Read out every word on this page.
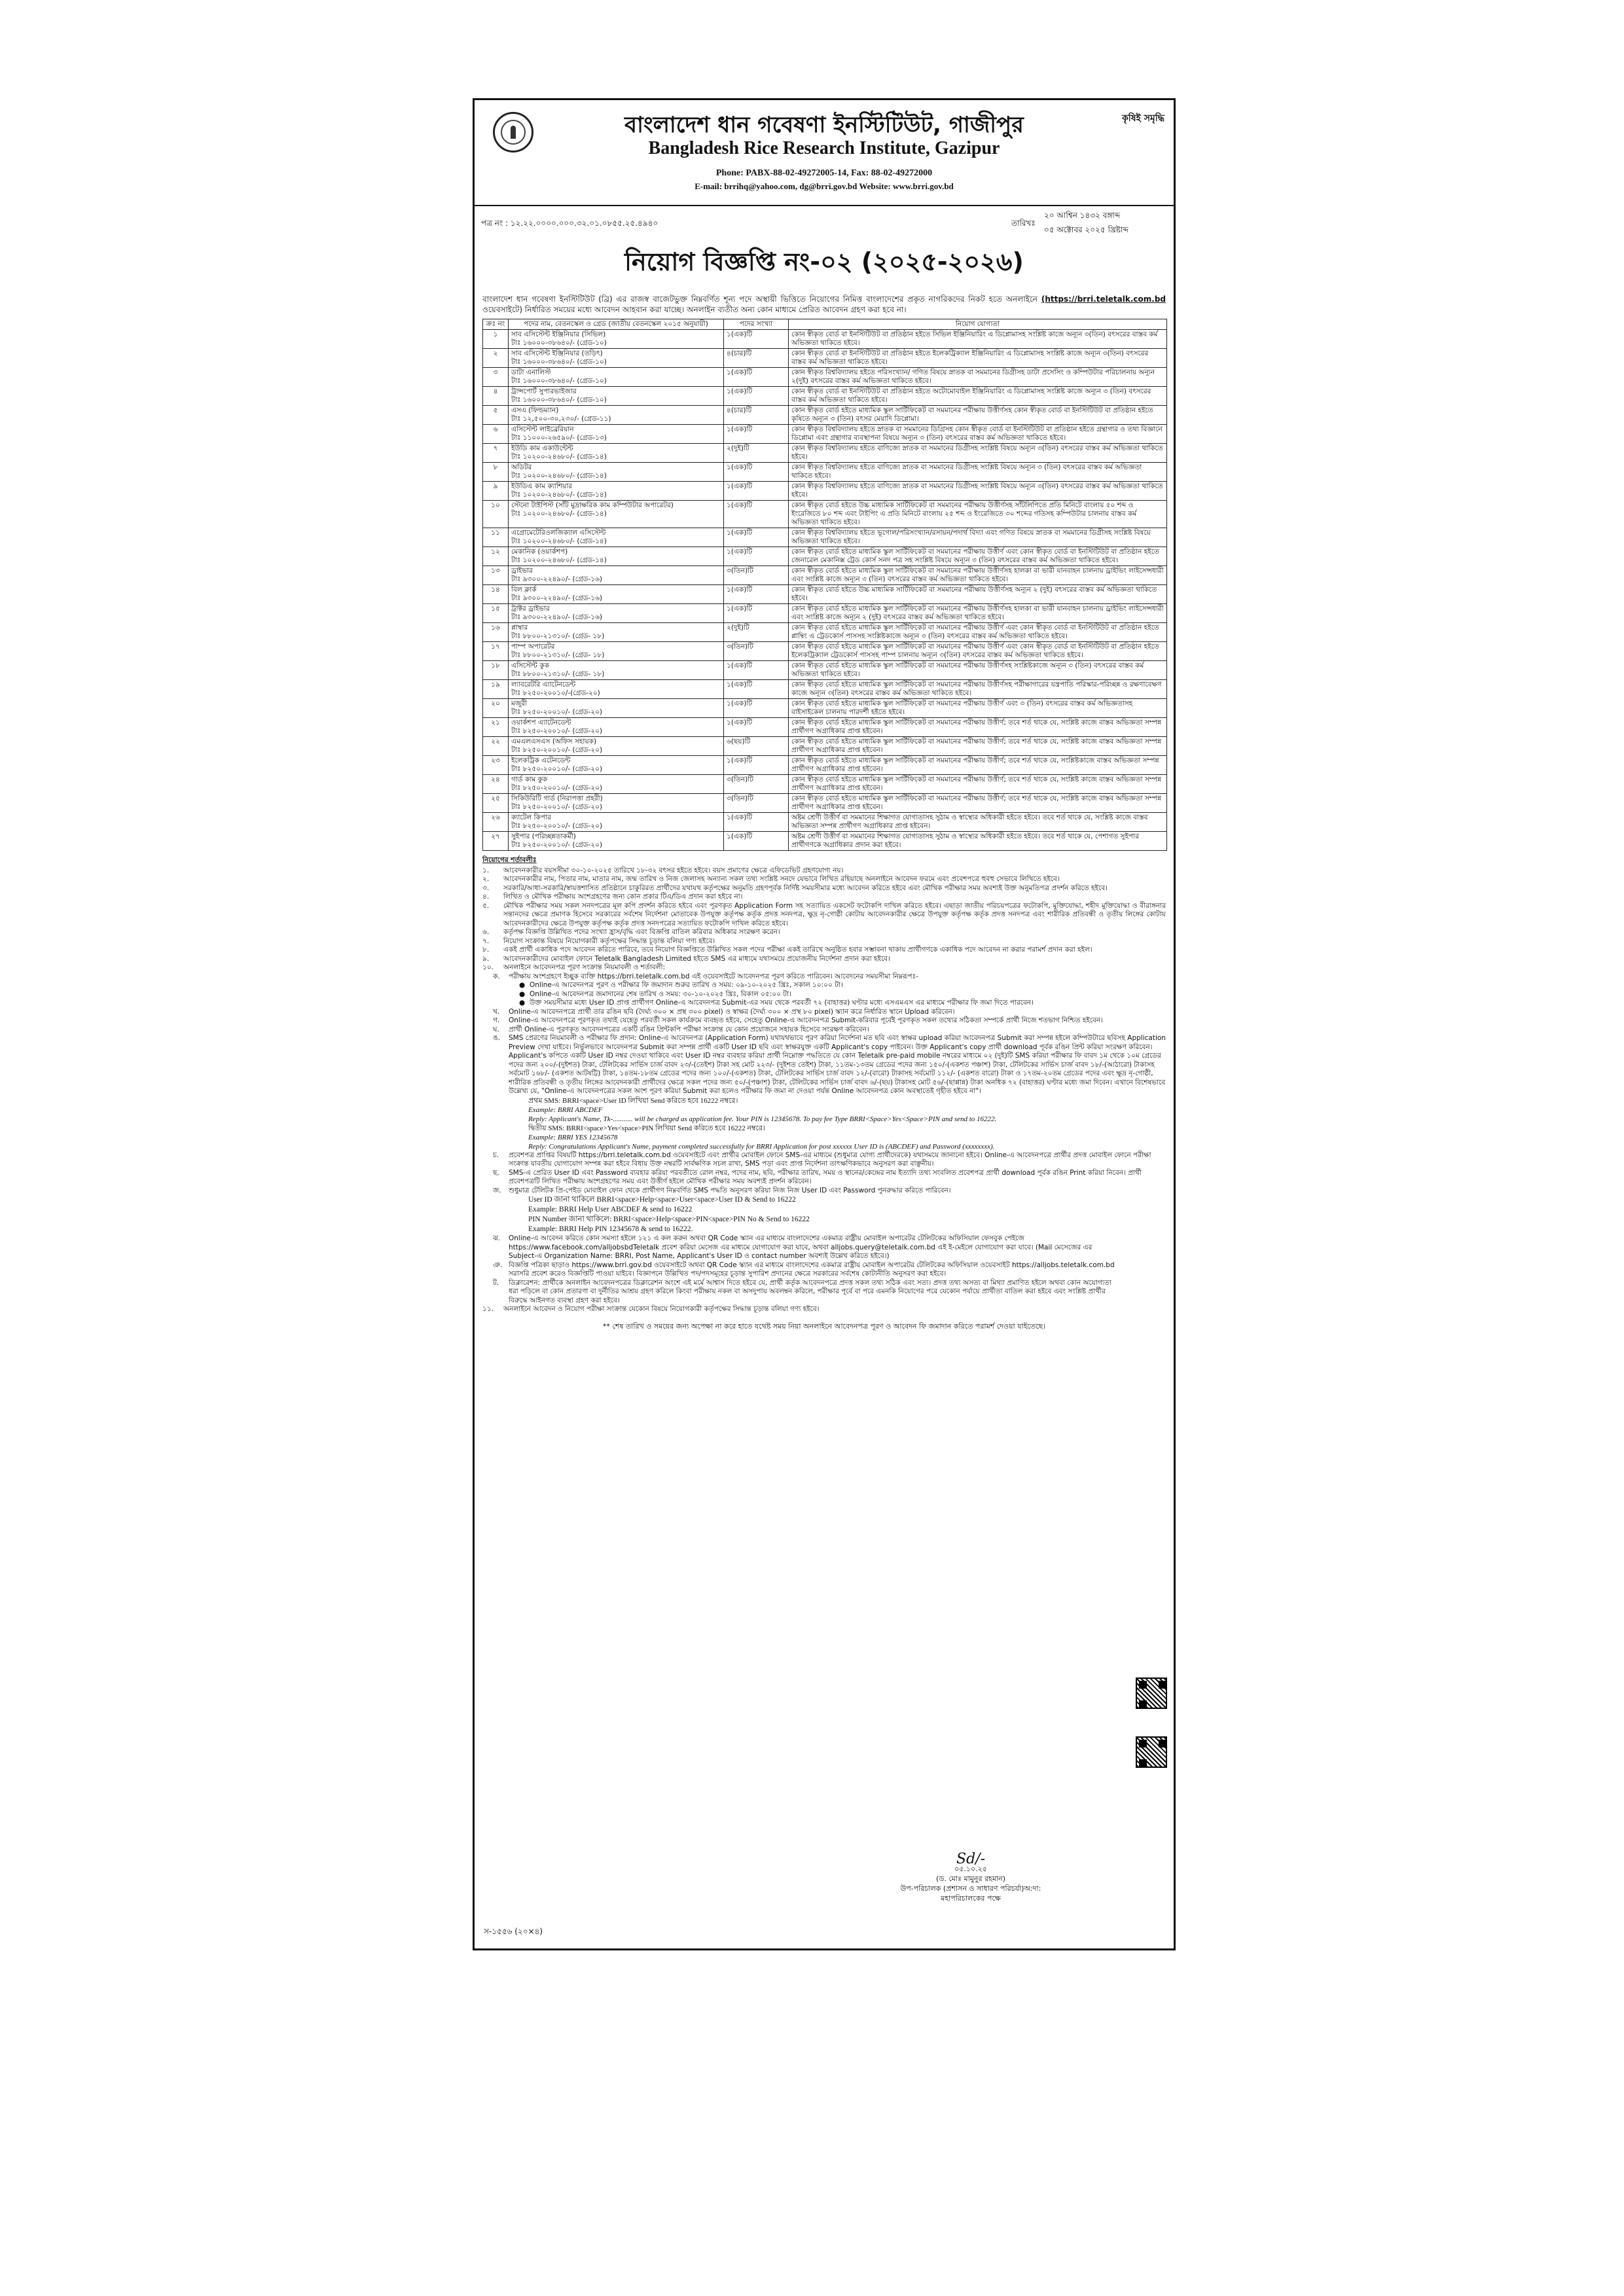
কৃষিই সমৃদ্ধি
বাংলাদেশ ধান গবেষণা ইনস্টিটিউট, গাজীপুর
Bangladesh Rice Research Institute, Gazipur
Phone: PABX-88-02-49272005-14, Fax: 88-02-49272000
E-mail: brrihq@yahoo.com, dg@brri.gov.bd Website: www.brri.gov.bd
পত্র নং : ১২.২২.০০০০.০০০.৩২.০১.০৮৫৫.২৫.৪৯৪০	তারিখঃ
২০ আশ্বিন ১৪৩২ বঙ্গাব্দ
০৫ অক্টোবর ২০২৫ খ্রিষ্টাব্দ
নিয়োগ বিজ্ঞপ্তি নং-০২ (২০২৫-২০২৬)
বাংলাদেশ ধান গবেষণা ইনস্টিটিউট (ব্রি) এর রাজস্ব বাজেটভুক্ত নিম্নবর্ণিত শূন্য পদে অস্থায়ী ভিত্তিতে নিয়োগের নিমিত্ত বাংলাদেশের প্রকৃত নাগরিকদের নিকট হতে অনলাইনে (https://brri.teletalk.com.bd ওয়েবসাইটে) নির্ধারিত সময়ের মধ্যে আবেদন আহবান করা যাচ্ছে। অনলাইন ব্যতীত অন্য কোন মাধ্যমে প্রেরিত আবেদন গ্রহণ করা হবে না।
ক্রঃ নং	পদের নাম, বেতনস্কেল ও গ্রেড (জাতীয় বেতনস্কেল ২০১৫ অনুযায়ী)	পদের সংখ্যা	নিয়োগ যোগ্যতা
১	সাব এসিস্টেন্ট ইঞ্জিনিয়ার (সিভিল)
টাঃ ১৬০০০-৩৮৬৪০/- (গ্রেড-১০)	১(এক)টি	কোন স্বীকৃত বোর্ড বা ইনস্টিটিউট বা প্রতিষ্ঠান হইতে সিভিল ইঞ্জিনিয়ারিং এ ডিপ্লোমাসহ সংশ্লিষ্ট কাজে অন্যূন ৩(তিন) বৎসরের বাস্তব কর্ম অভিজ্ঞতা থাকিতে হইবে।
২	সাব এসিস্টেন্ট ইঞ্জিনিয়ার (তড়িৎ)
টাঃ ১৬০০০-৩৮৬৪০/- (গ্রেড-১০)	৪(চার)টি	কোন স্বীকৃত বোর্ড বা ইনস্টিটিউট বা প্রতিষ্ঠান হইতে ইলেকট্রিক্যাল ইঞ্জিনিয়ারিং এ ডিপ্লোমাসহ সংশ্লিষ্ট কাজে অন্যূন ৩(তিন) বৎসরের বাস্তব কর্ম অভিজ্ঞতা থাকিতে হইবে।
৩	ডাটা এনালিস্ট
টাঃ ১৬০০০-৩৮৬৪০/- (গ্রেড-১০)	১(এক)টি	কোন স্বীকৃত বিশ্ববিদ্যালয় হইতে পরিসংখ্যান/ গণিত বিষয়ে স্নাতক বা সমমানের ডিগ্রীসহ ডাটা প্রসেসিং ও কম্পিউটার পরিচালনায় অন্যূন ২(দুই) বৎসরের বাস্তব কর্ম অভিজ্ঞতা থাকিতে হইবে।
৪	ট্রান্সপোর্ট সুপারভাইজার
টাঃ ১৬০০০-৩৮৬৪০/- (গ্রেড-১০)	১(এক)টি	কোন স্বীকৃত বোর্ড বা ইনস্টিটিউট বা প্রতিষ্ঠান হইতে অটোমোবাইল ইঞ্জিনিয়ারিং এ ডিপ্লোমাসহ সংশ্লিষ্ট কাজে অন্যূন ৩ (তিন) বৎসরের বাস্তব কর্ম অভিজ্ঞতা থাকিতে হইবে।
৫	এসএ (ফিল্ডম্যান)
টাঃ ১২,৫০০-৩০,২৩০/- (গ্রেড-১১)	৪(চার)টি	কোন স্বীকৃত বোর্ড হইতে মাধ্যমিক স্কুল সার্টিফিকেট বা সমমানের পরীক্ষায় উত্তীর্ণসহ কোন স্বীকৃত বোর্ড বা ইনস্টিটিউট বা প্রতিষ্ঠান হইতে কৃষিতে অন্যূন ৩ (তিন) বৎসর মেয়াদি ডিপ্লোমা।
৬	এসিস্টেন্ট লাইব্রেরিয়ান
টাঃ ১১০০০-২৬৫৯০/- (গ্রেড-১৩)	১(এক)টি	কোন স্বীকৃত বিশ্ববিদ্যালয় হইতে স্নাতক বা সমমানের ডিগ্রিসহ কোন স্বীকৃত বোর্ড বা ইনস্টিটিউট বা প্রতিষ্ঠান হইতে গ্রন্থাগার ও তথ্য বিজ্ঞানে ডিপ্লোমা এবং গ্রন্থাগার ব্যবস্থাপনা বিষয়ে অন্যূন ৩ (তিন) বৎসরের বাস্তব কর্ম অভিজ্ঞতা থাকিতে হইবে।
৭	ইউডি কাম একাউন্টেন্ট
টাঃ ১০২০০-২৪৬৮০/- (গ্রেড-১৪)	২(দুই)টি	কোন স্বীকৃত বিশ্ববিদ্যালয় হইতে বাণিজ্যে স্নাতক বা সমমানের ডিগ্রীসহ সংশ্লিষ্ট বিষয়ে অন্যূন ৩(তিন) বৎসরের বাস্তব কর্ম অভিজ্ঞতা থাকিতে হইবে।
৮	অডিটর
টাঃ ১০২০০-২৪৬৮০/- (গ্রেড-১৪)	১(এক)টি	কোন স্বীকৃত বিশ্ববিদ্যালয় হইতে বাণিজ্যে স্নাতক বা সমমানের ডিগ্রীসহ সংশ্লিষ্ট বিষয়ে অন্যূন ৩ (তিন) বৎসরের বাস্তব কর্ম অভিজ্ঞতা থাকিতে হইবে।
৯	ইউডিএ কাম ক্যাশিয়ার
টাঃ ১০২০০-২৪৬৮০/- (গ্রেড-১৪)	১(এক)টি	কোন স্বীকৃত বিশ্ববিদ্যালয় হইতে বাণিজ্যে স্নাতক বা সমমানের ডিগ্রীসহ সংশ্লিষ্ট বিষয়ে অন্যূন ৩(তিন) বৎসরের বাস্তব কর্ম অভিজ্ঞতা থাকিতে হইবে।
১০	স্টেনো টাইপিস্ট (সাঁট মুদ্রাক্ষরিক কাম কম্পিউটার অপারেটর)
টাঃ ১০২০০-২৪৬৮০/- (গ্রেড-১৪)	১(এক)টি	কোন স্বীকৃত বোর্ড হইতে উচ্চ মাধ্যমিক সার্টিফিকেট বা সমমানের পরীক্ষায় উত্তীর্ণসহ সাঁটলিপিতে প্রতি মিনিটে বাংলায় ৫০ শব্দ ও ইংরেজিতে ৮০ শব্দ এবং টাইপিং এ প্রতি মিনিটে বাংলায় ২৫ শব্দ ও ইংরেজিতে ৩০ শব্দের গতিসহ কম্পিউটার চালনায় বাস্তব কর্ম অভিজ্ঞতা থাকিতে হইবে।
১১	এগ্রোমেটেরিওলজিক্যাল এসিস্টেন্ট
টাঃ ১০২০০-২৪৬৮০/- (গ্রেড-১৪)	১(এক)টি	কোন স্বীকৃত বিশ্ববিদ্যালয় হইতে ভূগোল/পরিসংখ্যান/রসায়ন/পদার্থ বিদ্যা এবং গণিত বিষয়ে স্নাতক বা সমমানের ডিগ্রীসহ সংশ্লিষ্ট বিষয়ে অভিজ্ঞতা থাকিতে হইবে।
১২	মেকানিক (ওয়ার্কশপ)
টাঃ ১০২০০-২৪৬৮০/- (গ্রেড-১৪)	১(এক)টি	কোন স্বীকৃত বোর্ড হইতে মাধ্যমিক স্কুল সার্টিফিকেট বা সমমানের পরীক্ষায় উত্তীর্ণ এবং কোন স্বীকৃত বোর্ড বা ইনস্টিটিউট বা প্রতিষ্ঠান হইতে জেনারেল মেকানিক্স ট্রেড কোর্স সনদ পত্র সহ সংশ্লিষ্ট বিষয়ে অন্যূন ৩ (তিন) বৎসরের বাস্তব কর্ম অভিজ্ঞতা থাকিতে হইবে।
১৩	ড্রাইভার
টাঃ ৯৩০০-২২৪৯০/- (গ্রেড-১৬)	৩(তিন)টি	কোন স্বীকৃত বোর্ড হইতে মাধ্যমিক স্কুল সার্টিফিকেট বা সমমানের পরীক্ষায় উত্তীর্ণসহ হালকা বা ভারী যানবাহন চালনায় ড্রাইভিং লাইসেন্সধারী এবং সংশ্লিষ্ট কাজে অন্যূন ৩ (তিন) বৎসরের বাস্তব কর্ম অভিজ্ঞতা থাকিতে হইবে।
১৪	বিল ক্লার্ক
টাঃ ৯৩০০-২২৪৯০/- (গ্রেড-১৬)	১(এক)টি	কোন স্বীকৃত বোর্ড হইতে উচ্চ মাধ্যমিক সার্টিফিকেট বা সমমানের পরীক্ষায় উত্তীর্ণসহ অন্যূন ২ (দুই) বৎসরের বাস্তব কর্ম অভিজ্ঞতা থাকিতে হইবে।
১৫	ট্রাক্টর ড্রাইভার
টাঃ ৯৩০০-২২৪৯০/- (গ্রেড-১৬)	১(এক)টি	কোন স্বীকৃত বোর্ড হইতে মাধ্যমিক স্কুল সার্টিফিকেট বা সমমানের পরীক্ষায় উত্তীর্ণসহ হালকা বা ভারী যানবাহন চালনায় ড্রাইভিং লাইসেন্সধারী এবং সংশ্লিষ্ট কাজে অন্যূন ২ (দুই) বৎসরের বাস্তব কর্ম অভিজ্ঞতা থাকিতে হইবে।
১৬	প্লাম্বার
টাঃ ৮৮০০-২১৩১০/- (গ্রেড- ১৮)	২(দুই)টি	কোন স্বীকৃত বোর্ড হইতে মাধ্যমিক স্কুল সার্টিফিকেট বা সমমানের পরীক্ষায় উত্তীর্ণ এবং কোন স্বীকৃত বোর্ড বা ইনস্টিটিউট বা প্রতিষ্ঠান হইতে প্লাম্বিং এ ট্রেডকোর্স পাসসহ সংশ্লিষ্টকাজে অন্যূন ৩ (তিন) বৎসরের বাস্তব কর্ম অভিজ্ঞতা থাকিতে হইবে।
১৭	পাম্প অপারেটর
টাঃ ৮৮০০-২১৩১০/- (গ্রেড- ১৮)	৩(তিন)টি	কোন স্বীকৃত বোর্ড হইতে মাধ্যমিক স্কুল সার্টিফিকেট বা সমমানের পরীক্ষায় উত্তীর্ণ এবং কোন স্বীকৃত বোর্ড বা ইনস্টিটিউট বা প্রতিষ্ঠান হইতে ইলেকট্রিক্যাল ট্রেডকোর্স পাসসহ পাম্প চালনায় অন্যূন ৩(তিন) বৎসরের বাস্তব কর্ম অভিজ্ঞতা থাকিতে হইবে।
১৮	এসিস্টেন্ট কুক
টাঃ ৮৮০০-২১৩১০/- (গ্রেড- ১৮)	১(এক)টি	কোন স্বীকৃত বোর্ড হইতে মাধ্যমিক স্কুল সার্টিফিকেট বা সমমানের পরীক্ষায় উত্তীর্ণসহ সংশ্লিষ্টকাজে অন্যূন ৩ (তিন) বৎসরের বাস্তব কর্ম অভিজ্ঞতা থাকিতে হইবে।
১৯	ল্যাবরেটরি এ্যাটেনডেন্ট
টাঃ ৮২৫০-২০০১০/-(গ্রেড-২০)	১(এক)টি	কোন স্বীকৃত বোর্ড হইতে মাধ্যমিক স্কুল সার্টিফিকেট বা সমমানের পরীক্ষায় উত্তীর্ণসহ পরীক্ষাগারের যন্ত্রপাতি পরিস্কার-পরিচ্ছন্ন ও রক্ষণাবেক্ষণ কাজে অন্যূন ৩(তিন) বৎসরের বাস্তব কর্ম অভিজ্ঞতা থাকিতে হইবে।
২০	মজুরী
টাঃ ৮২৫০-২০০১০/- (গ্রেড-২০)	১(এক)টি	কোন স্বীকৃত বোর্ড হইতে মাধ্যমিক স্কুল সার্টিফিকেট বা সমমানের পরীক্ষায় উত্তীর্ণ এবং ৩ (তিন) বৎসরের বাস্তব কর্ম অভিজ্ঞতাসহ বাইসাইকেল চালনায় পারদর্শী হইতে হইবে।
২১	ওয়ার্কশপ এ্যাটেনডেন্ট
টাঃ ৮২৫০-২০০১০/- (গ্রেড-২০)	১(এক)টি	কোন স্বীকৃত বোর্ড হইতে মাধ্যমিক স্কুল সার্টিফিকেট বা সমমানের পরীক্ষায় উত্তীর্ণ; তবে শর্ত থাকে যে, সংশ্লিষ্ট কাজে বাস্তব অভিজ্ঞতা সম্পন্ন প্রার্থীগণ অগ্রাধিকার প্রাপ্ত হইবেন।
২২	এমএলএসএস (অফিস সহায়ক)
টাঃ ৮২৫০-২০০১০/- (গ্রেড-২০)	৬(ছয়)টি	কোন স্বীকৃত বোর্ড হইতে মাধ্যমিক স্কুল সার্টিফিকেট বা সমমানের পরীক্ষায় উত্তীর্ণ; তবে শর্ত থাকে যে, সংশ্লিষ্ট কাজে বাস্তব অভিজ্ঞতা সম্পন্ন প্রার্থীগণ অগ্রাধিকার প্রাপ্ত হইবেন।
২৩	ইলেকট্রিক এটেনডেন্ট
টাঃ ৮২৫০-২০০১০/- (গ্রেড-২০)	১(এক)টি	কোন স্বীকৃত বোর্ড হইতে মাধ্যমিক স্কুল সার্টিফিকেট বা সমমানের পরীক্ষায় উত্তীর্ণ; তবে শর্ত থাকে যে, সংশ্লিষ্টকাজে বাস্তব অভিজ্ঞতা সম্পন্ন প্রার্থীগণ অগ্রাধিকার প্রাপ্ত হইবেন।
২৪	গার্ড কাম কুক
টাঃ ৮২৫০-২০০১০/- (গ্রেড-২০)	৩(তিন)টি	কোন স্বীকৃত বোর্ড হইতে মাধ্যমিক স্কুল সার্টিফিকেট বা সমমানের পরীক্ষায় উত্তীর্ণ; তবে শর্ত থাকে যে, সংশ্লিষ্ট কাজে বাস্তব অভিজ্ঞতা সম্পন্ন প্রার্থীগণ অগ্রাধিকার প্রাপ্ত হইবেন।
২৫	সিকিউরিটি গার্ড (নিরাপত্তা প্রহরী)
টাঃ ৮২৫০-২০০১০/- (গ্রেড-২০)	৩(তিন)টি	কোন স্বীকৃত বোর্ড হইতে মাধ্যমিক স্কুল সার্টিফিকেট বা সমমানের পরীক্ষায় উত্তীর্ণ; তবে শর্ত থাকে যে, সংশ্লিষ্ট কাজে বাস্তব অভিজ্ঞতা সম্পন্ন প্রার্থীগণ অগ্রাধিকার প্রাপ্ত হইবেন।
২৬	ক্যাটেল কিপার
টাঃ ৮২৫০-২০০১০/- (গ্রেড-২০)	১(এক)টি	অষ্টম শ্রেণী উত্তীর্ণ বা সমমানের শিক্ষাগত যোগ্যতাসহ সুঠাম ও স্বাস্থ্যের অধিকারী হইতে হইবে। তবে শর্ত থাকে যে, সংশ্লিষ্ট কাজে বাস্তব অভিজ্ঞতা সম্পন্ন প্রার্থীগণ অগ্রাধিকার প্রাপ্ত হইবেন।
২৭	সুইপার (পরিচ্ছন্নতাকর্মী)
টাঃ ৮২৫০-২০০১০/- (গ্রেড-২০)	১(এক)টি	অষ্টম শ্রেণী উত্তীর্ণ বা সমমানের শিক্ষাগত যোগ্যতাসহ সুঠাম ও স্বাস্থ্যের অধিকারী হইতে হইবে। তবে শর্ত থাকে যে, পেশাগত সুইপার প্রার্থীগণকে অগ্রাধিকার প্রদান করা হইবে।
নিয়োগের শর্তাবলীঃ
১.	আবেদনকারীর বয়সসীমা ৩০-১০-২০২৫ তারিখে ১৮-৩২ বৎসর হইতে হইবে। বয়স প্রমাণের ক্ষেত্রে এফিডেভিট গ্রহণযোগ্য নয়।
২.	আবেদনকারীর নাম, পিতার নাম, মাতার নাম, জন্ম তারিখ ও নিজ জেলাসহ অন্যান্য সকল তথ্য সংশ্লিষ্ট সনদে যেভাবে লিখিত রহিয়াছে অনলাইনে আবেদন ফরমে এবং প্রবেশপত্রে হুবহু সেভাবে লিখিতে হইবে।
৩.	সরকারি/আধা-সরকারি/স্বায়ত্তশাসিত প্রতিষ্ঠানে চাকুরিরত প্রার্থীদের যথাযথ কর্তৃপক্ষের অনুমতি গ্রহণপূর্বক নির্দিষ্ট সময়সীমার মধ্যে আবেদন করিতে হইবে এবং মৌখিক পরীক্ষার সময় অবশ্যই উক্ত অনুমতিপত্র প্রদর্শন করিতে হইবে।
৪.	লিখিত ও মৌখিক পরীক্ষায় অংশগ্রহণের জন্য কোন প্রকার টিএ/ডিএ প্রদান করা হইবে না।
৫.	মৌখিক পরীক্ষার সময় সকল সনদপত্রের মূল কপি প্রদর্শন করিতে হইবে এবং পূরণকৃত Application Form সহ সত্যায়িত একসেট ফটোকপি দাখিল করিতে হইবে। এছাড়া জাতীয় পরিচয়পত্রের ফটোকপি, মুক্তিযোদ্ধা, শহীদ মুক্তিযোদ্ধা ও বীরাঙ্গনার সন্তানদের ক্ষেত্রে প্রমাণক হিসেবে সরকারের সর্বশেষ নির্দেশনা মোতাবেক উপযুক্ত কর্তৃপক্ষ কর্তৃক প্রদত্ত সনদপত্র, ক্ষুদ্র নৃ-গোষ্ঠী কোটায় আবেদনকারীর ক্ষেত্রে উপযুক্ত কর্তৃপক্ষ কর্তৃক প্রদত্ত সনদপত্র এবং শারীরিক প্রতিবন্ধী ও তৃতীয় লিঙ্গের কোটায় আবেদনকারীদের ক্ষেত্রে উপযুক্ত কর্তৃপক্ষ কর্তৃক প্রদত্ত সনদপত্রের সত্যায়িত ফটোকপি দাখিল করিতে হইবে।
৬.	কর্তৃপক্ষ বিজ্ঞপ্তি উল্লিখিত পদের সংখ্যা হ্রাস/বৃদ্ধি এবং বিজ্ঞপ্তি বাতিল করিবার অধিকার সংরক্ষণ করেন।
৭.	নিয়োগ সংক্রান্ত বিষয়ে নিয়োগকারী কর্তৃপক্ষের সিদ্ধান্ত চূড়ান্ত বলিয়া গণ্য হইবে।
৮.	একই প্রার্থী একাধিক পদে আবেদন করিতে পারিবে, তবে নিয়োগ বিজ্ঞপ্তিতে উল্লিখিত সকল পদের পরীক্ষা একই তারিখে অনুষ্ঠিত হবার সম্ভাবনা থাকায় প্রার্থীগণকে একাধিক পদে আবেদন না করার পরামর্শ প্রদান করা হইল।
৯.	আবেদনকারীদের মোবাইল ফোনে Teletalk Bangladesh Limited হইতে SMS এর মাধ্যমে যথাসময়ে প্রয়োজনীয় নির্দেশনা প্রদান করা হইবে।
১০.	অনলাইনে আবেদনপত্র পূরণ সংক্রান্ত নিয়মাবলী ও শর্তাবলী:
ক.	পরীক্ষায় অংশগ্রহণে ইচ্ছুক ব্যক্তি https://brri.teletalk.com.bd এই ওয়েবসাইটে আবেদনপত্র পূরণ করিতে পারিবেন। আবেদনের সময়সীমা নিম্নরূপঃ-
● Online-এ আবেদনপত্র পূরণ ও পরীক্ষার ফি জমাদান শুরুর তারিখ ও সময়: ০৯-১০-২০২৫ খ্রিঃ, সকাল ১০:০০ টা।
● Online-এ আবেদনপত্র জমাদানের শেষ তারিখ ও সময়: ৩০-১০-২০২৫ খ্রিঃ, বিকাল ০৫:০০ টা।
● উক্ত সময়সীমার মধ্যে User ID প্রাপ্ত প্রার্থীগণ Online-এ আবেদনপত্র Submit-এর সময় থেকে পরবর্তী ৭২ (বাহাত্তর) ঘণ্টার মধ্যে এসএমএস এর মাধ্যমে পরীক্ষার ফি জমা দিতে পারবেন।
খ.	Online-এ আবেদনপত্রে প্রার্থী তার রঙিন ছবি (দৈর্ঘ্য ৩০০ × প্রস্থ ৩০০ pixel) ও স্বাক্ষর (দৈর্ঘ্য ৩০০ × প্রস্থ ৮০ pixel) স্ক্যান করে নির্ধারিত স্থানে Upload করিবেন।
গ.	Online-এ আবেদনপত্রে পূরণকৃত তথ্যই যেহেতু পরবর্তী সকল কার্যক্রমে ব্যবহৃত হইবে, সেহেতু Online-এ আবেদনপত্র Submit-করিবার পূর্বেই পূরণকৃত সকল তথ্যের সঠিকতা সম্পর্কে প্রার্থী নিজে শতভাগ নিশ্চিত হইবেন।
ঘ.	প্রার্থী Online-এ পূরণকৃত আবেদনপত্রের একটি রঙিন প্রিন্টকপি পরীক্ষা সংক্রান্ত যে কোন প্রয়োজনে সহায়ক হিসেবে সংরক্ষণ করিবেন।
ঙ.	SMS প্রেরণের নিয়মাবলী ও পরীক্ষার ফি প্রদান: Online-এ আবেদনপত্র (Application Form) যথাযথভাবে পূরণ করিয়া নির্দেশনা মত ছবি এবং স্বাক্ষর upload করিয়া আবেদনপত্র Submit করা সম্পন্ন হইলে কম্পিউটারে ছবিসহ Application Preview দেখা যাইবে। নির্ভুলভাবে আবেদনপত্র Submit করা সম্পন্ন প্রার্থী একটি User ID ছবি এবং স্বাক্ষরযুক্ত একটি Applicant's copy পাইবেন। উক্ত Applicant's copy প্রার্থী download পূর্বক রঙিন প্রিন্ট করিয়া সংরক্ষণ করিবেন। Applicant's কপিতে একটি User ID নম্বর দেওয়া থাকিবে এবং User ID নম্বর ব্যবহার করিয়া প্রার্থী নিম্নোক্ত পদ্ধতিতে যে কোন Teletalk pre-paid mobile নম্বরের মাধ্যমে ০২ (দুই)টি SMS করিয়া পরীক্ষার ফি বাবদ ১ম থেকে ১০ম গ্রেডের পদের জন্য ২০০/-(দুইশত) টাকা, টেলিটকের সার্ভিস চার্জ বাবদ ২৩/-(তেইশ) টাকা সহ মোট ২২৩/- (দুইশত তেইশ) টাকা, ১১তম-১৩তম গ্রেডের পদের জন্য ১৫০/-(একশত পঞ্চাশ) টাকা, টেলিটকের সার্ভিস চার্জ বাবদ ১৮/-(আঠারো) টাকাসহ সর্বমোট ১৬৮/- (একশত আটষট্টি) টাকা, ১৪তম-১৮তম গ্রেডের পদের জন্য ১০০/-(একশত) টাকা, টেলিটকের সার্ভিস চার্জ বাবদ ১২/-(বারো) টাকাসহ সর্বমোট ১১২/- (একশত বারো) টাকা ও ১৭তম-২০তম গ্রেডের পদের এবং ক্ষুদ্র নৃ-গোষ্ঠী, শারীরিক প্রতিবন্ধী ও তৃতীয় লিঙ্গের আবেদনকারী প্রার্থীদের ক্ষেত্রে সকল পদের জন্য ৫০/-(পঞ্চাশ) টাকা, টেলিটকের সার্ভিস চার্জ বাবদ ৬/-(ছয়) টাকাসহ মোট ৫৬/-(ছাপ্পান্ন) টাকা অনধিক ৭২ (বাহাত্তর) ঘণ্টার মধ্যে জমা দিবেন। এখানে বিশেষভাবে উল্লেখ্য যে, "Online-এ আবেদনপত্রের সকল অংশ পূরণ করিয়া Submit করা হলেও পরীক্ষার ফি জমা না দেওয়া পর্যন্ত Online আবেদনপত্র কোন অবস্থাতেই গৃহীত হইবে না"।
প্রথম SMS: BRRI<space>User ID লিখিয়া Send করিতে হবে 16222 নম্বরে।
Example: BRRI ABCDEF
Reply: Applicant's Name, Tk-........... will be charged as application fee. Your PIN is 12345678. To pay fee Type BRRI<Space>Yes<Space>PIN and send to 16222.
দ্বিতীয় SMS: BRRI<space>Yes<space>PIN লিখিয়া Send করিতে হবে 16222 নম্বরে।
Example: BRRI YES 12345678
Reply: Congratulations Applicant's Name, payment completed successfully for BRRI Application for post xxxxxx User ID is (ABCDEF) and Password (xxxxxxxx).
চ.	প্রবেশপত্র প্রাপ্তির বিষয়টি https://brri.teletalk.com.bd ওয়েবসাইটে এবং প্রার্থীর মোবাইল ফোনে SMS-এর মাধ্যমে (শুধুমাত্র যোগ্য প্রার্থীদেরকে) যথাসময়ে জানানো হইবে। Online-এ আবেদনপত্রে প্রার্থীর প্রদত্ত মোবাইল ফোনে পরীক্ষা সংক্রান্ত যাবতীয় যোগাযোগ সম্পন্ন করা হইবে বিধায় উক্ত নম্বরটি সার্বক্ষণিক সচল রাখা, SMS পড়া এবং প্রাপ্ত নির্দেশনা তাৎক্ষণিকভাবে অনুসরণ করা বাঞ্ছনীয়।
ছ.	SMS-এ প্রেরিত User ID এবং Password ব্যবহার করিয়া পরবর্তীতে রোল নম্বর, পদের নাম, ছবি, পরীক্ষার তারিখ, সময় ও স্থানের/কেন্দ্রের নাম ইত্যাদি তথ্য সংবলিত প্রবেশপত্র প্রার্থী download পূর্বক রঙিন Print করিয়া নিবেন। প্রার্থী প্রবেশপত্রটি লিখিত পরীক্ষায় অংশগ্রহণের সময় এবং উত্তীর্ণ হইলে মৌখিক পরীক্ষার সময় অবশ্যই প্রদর্শন করিবেন।
জ.	শুধুমাত্র টেলিটক প্রি-পেইড মোবাইল ফোন থেকে প্রার্থীগণ নিম্নবর্ণিত SMS পদ্ধতি অনুসরণ করিয়া নিজ নিজ User ID এবং Password পুনরুদ্ধার করিতে পারিবেন।
User ID জানা থাকিলে BRRI<space>Help<space>User<space>User ID & Send to 16222
Example: BRRI Help User ABCDEF & send to 16222
PIN Number জানা থাকিলে: BRRI<space>Help<space>PIN<space>PIN No & Send to 16222
Example: BRRI Help PIN 12345678 & send to 16222.
ঝ.	Online-এ আবেদন করিতে কোন সমস্যা হইলে ১২১ এ কল করুন অথবা QR Code স্ক্যান এর মাধ্যমে বাংলাদেশের একমাত্র রাষ্ট্রীয় মোবাইল অপারেটর টেলিটকের অফিসিয়াল ফেসবুক পেইজে https://www.facebook.com/alljobsbdTeletalk প্রবেশ করিয়া মেসেজ এর মাধ্যমে যোগাযোগ করা যাবে, অথবা alljobs.query@teletalk.com.bd এই ই-মেইলে যোগাযোগ করা যাবে। (Mail মেসেজের এর Subject-এ Organization Name: BRRI, Post Name, Applicant's User ID ও contact number অবশ্যই উল্লেখ করিতে হইবে।)
ঞ. বিজ্ঞপ্তি পত্রিকা ছাড়াও https://www.brri.gov.bd ওয়েবসাইটে অথবা QR Code স্ক্যান এর মাধ্যমে বাংলাদেশের একমাত্র রাষ্ট্রীয় মোবাইল অপারেটর টেলিটকের অফিসিয়াল ওয়েবসাইট https://alljobs.teletalk.com.bd সরাসরি প্রবেশ করেও বিজ্ঞপ্তিটি পাওয়া যাইবে। বিজ্ঞাপনে উল্লিখিত পদ/পদসমূহের চূড়ান্ত সুপারিশ প্রদানের ক্ষেত্রে সরকারের সর্বশেষ কোটানীতি অনুসরণ করা হইবে।
ট.	ডিক্লারেশন: প্রার্থীকে অনলাইন আবেদনপত্রের ডিক্লারেশন অংশে এই মর্মে আশ্বাস দিতে হইবে যে, প্রার্থী কর্তৃক আবেদনপত্রে প্রদত্ত সকল তথ্য সঠিক এবং সত্য। প্রদত্ত তথ্য অসত্য বা মিথ্যা প্রমাণিত হইলে অথবা কোন অযোগ্যতা ধরা পড়িলে বা কোন প্রতারণা বা দুর্নীতির আশ্রয় গ্রহণ করিলে কিংবা পরীক্ষায় নকল বা অসদুপায় অবলম্বন করিলে, পরীক্ষার পূর্বে বা পরে এমনকি নিয়োগের পরে যেকোন পর্যায়ে প্রার্থীতা বাতিল করা হইবে এবং সংশ্লিষ্ট প্রার্থীর বিরুদ্ধে আইনগত ব্যবস্থা গ্রহণ করা হইবে।
১১.	অনলাইনে আবেদন ও নিয়োগ পরীক্ষা সংক্রান্ত যেকোন বিষয়ে নিয়োগকারী কর্তৃপক্ষের সিদ্ধান্ত চূড়ান্ত বলিয়া গণ্য হইবে।
** শেষ তারিখ ও সময়ের জন্য অপেক্ষা না করে হাতে যথেষ্ট সময় নিয়া অনলাইনে আবেদনপত্র পূরণ ও আবেদন ফি জমাদান করিতে পরামর্শ দেওয়া যাইতেছে।
Sd/-
০৫.১০.২৫
(ড. মোঃ মামুনুর রহমান)
উপ-পরিচালক (প্রশাসন ও সাধারণ পরিচর্যা)অ:দা:
মহাপরিচালকের পক্ষে
স-১৫৫৬ (২০×৪)
